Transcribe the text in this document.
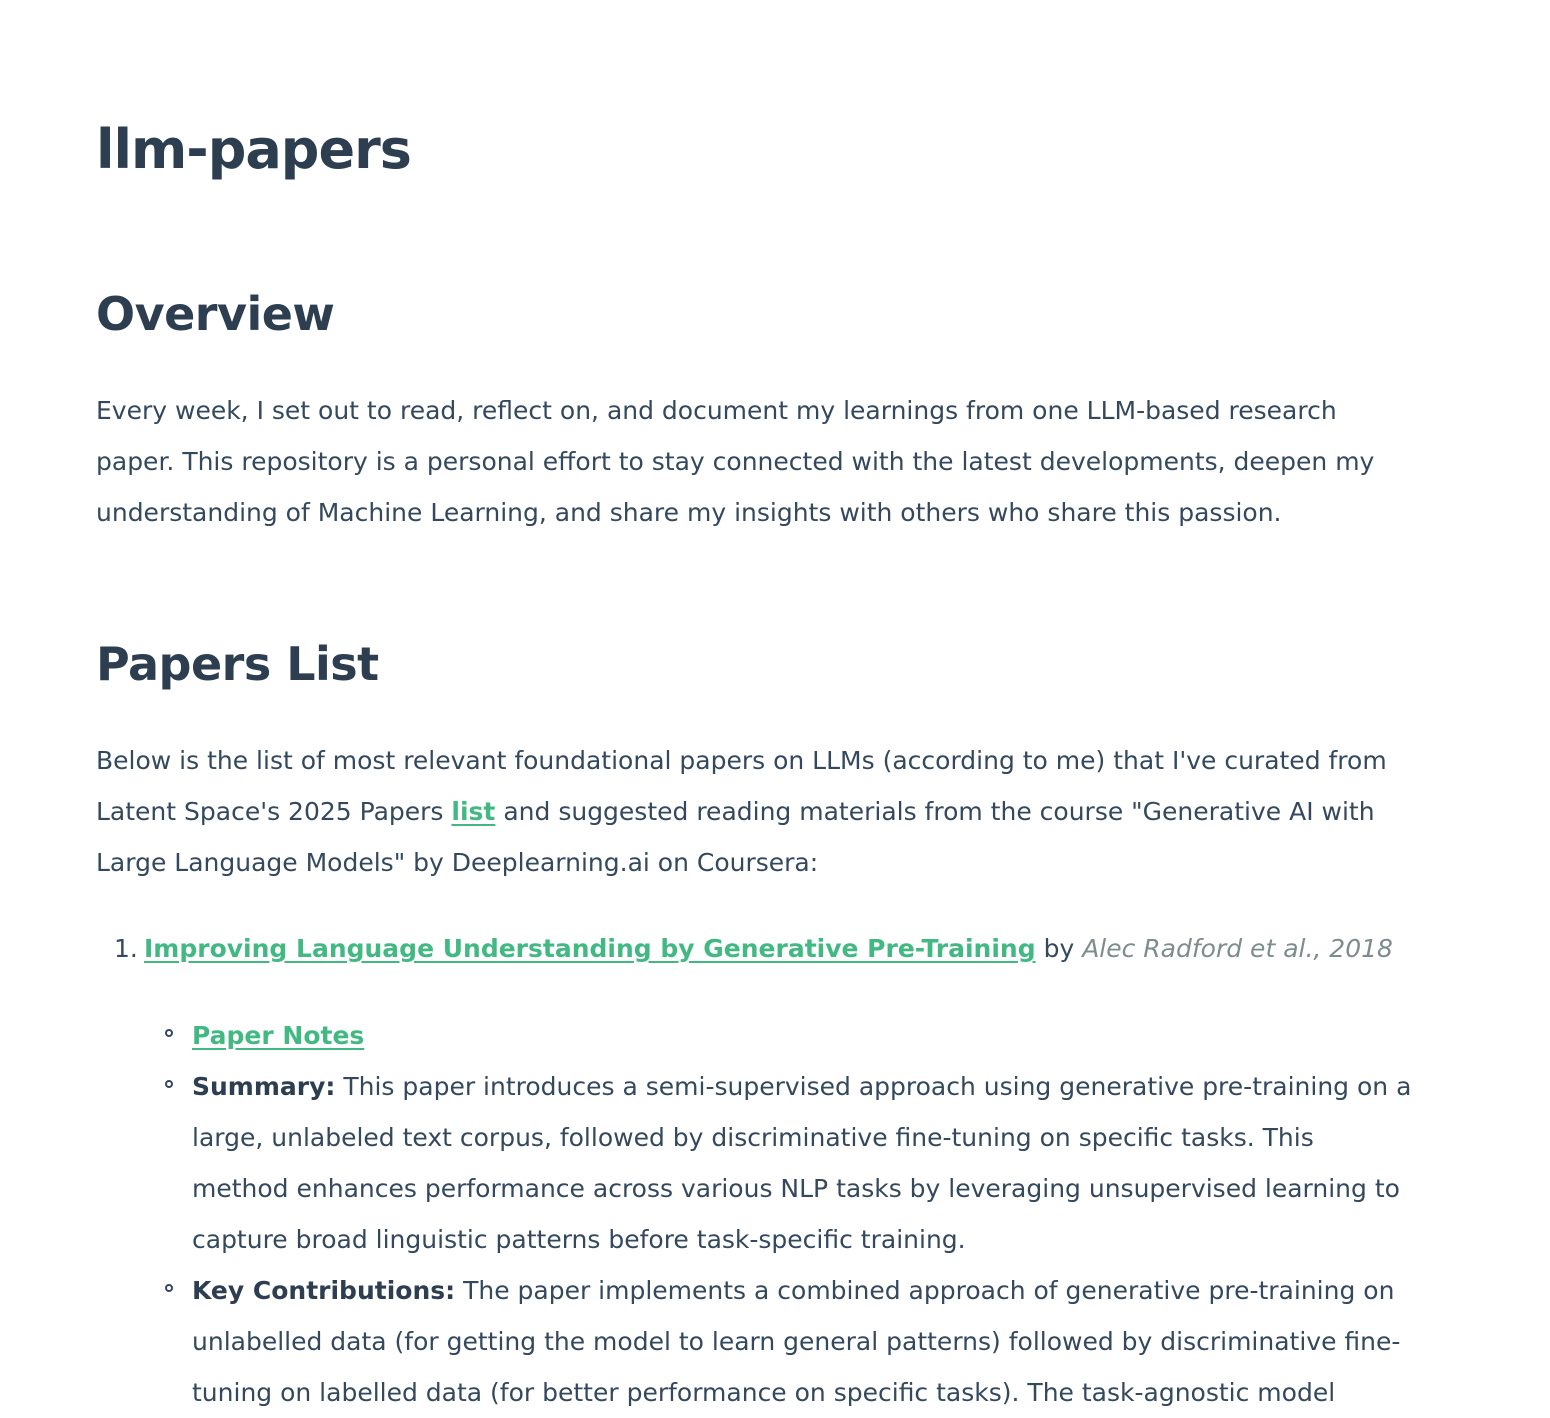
llm-papers
Overview

Every week, I set out to read, reflect on, and document my learnings from one LLM-based research paper. This repository is a personal effort to stay connected with the latest developments, deepen my understanding of Machine Learning, and share my insights with others who share this passion.

Papers List

Below is the list of most relevant foundational papers on LLMs (according to me) that I've curated from Latent Space's 2025 Papers list and suggested reading materials from the course "Generative AI with Large Language Models" by Deeplearning.ai on Coursera:

1. Improving Language Understanding by Generative Pre-Training by Alec Radford et al., 2018
Paper Notes
Summary: This paper introduces a semi-supervised approach using generative pre-training on a large, unlabeled text corpus, followed by discriminative fine-tuning on specific tasks. This method enhances performance across various NLP tasks by leveraging unsupervised learning to capture broad linguistic patterns before task-specific training.
Key Contributions: The paper implements a combined approach of generative pre-training on unlabelled data (for getting the model to learn general patterns) followed by discriminative fine-tuning on labelled data (for better performance on specific tasks). The task-agnostic model
